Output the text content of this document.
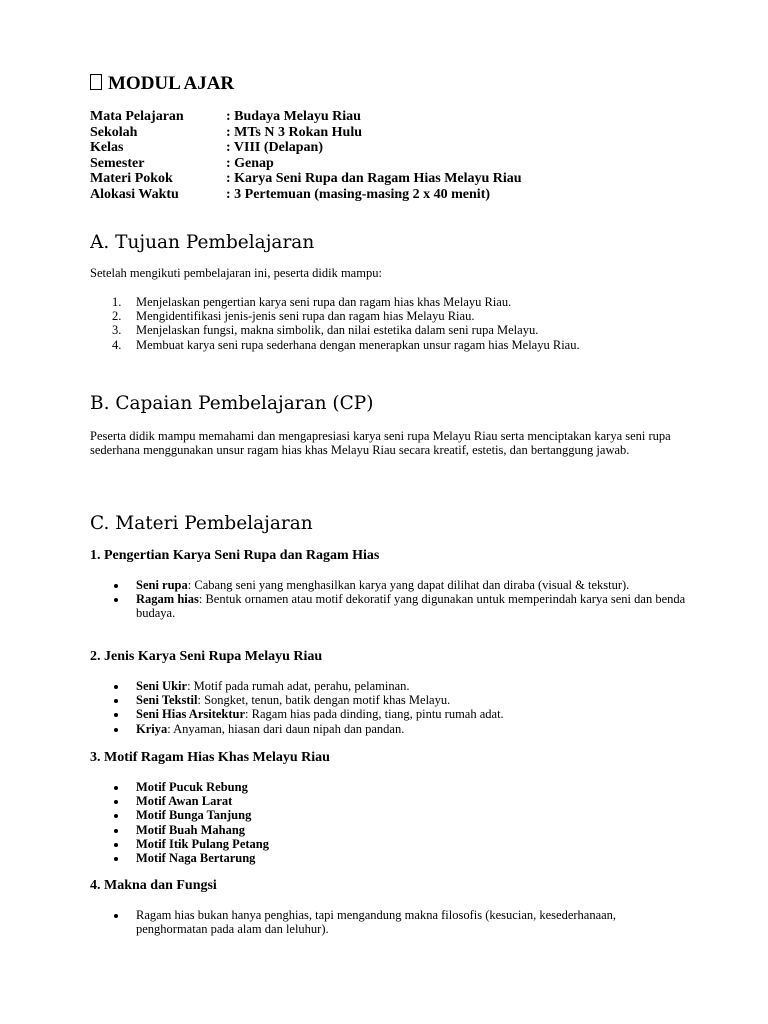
MODUL AJAR
Mata Pelajaran	: Budaya Melayu Riau
Sekolah	: MTs N 3 Rokan Hulu
Kelas	: VIII (Delapan)
Semester	: Genap
Materi Pokok	: Karya Seni Rupa dan Ragam Hias Melayu Riau
Alokasi Waktu	: 3 Pertemuan (masing-masing 2 x 40 menit)
A. Tujuan Pembelajaran

Setelah mengikuti pembelajaran ini, peserta didik mampu:

1. Menjelaskan pengertian karya seni rupa dan ragam hias khas Melayu Riau.
2. Mengidentifikasi jenis-jenis seni rupa dan ragam hias Melayu Riau.
3. Menjelaskan fungsi, makna simbolik, dan nilai estetika dalam seni rupa Melayu.
4. Membuat karya seni rupa sederhana dengan menerapkan unsur ragam hias Melayu Riau.
B. Capaian Pembelajaran (CP)

Peserta didik mampu memahami dan mengapresiasi karya seni rupa Melayu Riau serta menciptakan karya seni rupa sederhana menggunakan unsur ragam hias khas Melayu Riau secara kreatif, estetis, dan bertanggung jawab.

C. Materi Pembelajaran
1. Pengertian Karya Seni Rupa dan Ragam Hias
Seni rupa: Cabang seni yang menghasilkan karya yang dapat dilihat dan diraba (visual & tekstur).
Ragam hias: Bentuk ornamen atau motif dekoratif yang digunakan untuk memperindah karya seni dan benda budaya.
2. Jenis Karya Seni Rupa Melayu Riau
Seni Ukir: Motif pada rumah adat, perahu, pelaminan.
Seni Tekstil: Songket, tenun, batik dengan motif khas Melayu.
Seni Hias Arsitektur: Ragam hias pada dinding, tiang, pintu rumah adat.
Kriya: Anyaman, hiasan dari daun nipah dan pandan.
3. Motif Ragam Hias Khas Melayu Riau
Motif Pucuk Rebung
Motif Awan Larat
Motif Bunga Tanjung
Motif Buah Mahang
Motif Itik Pulang Petang
Motif Naga Bertarung
4. Makna dan Fungsi
Ragam hias bukan hanya penghias, tapi mengandung makna filosofis (kesucian, kesederhanaan, penghormatan pada alam dan leluhur).
